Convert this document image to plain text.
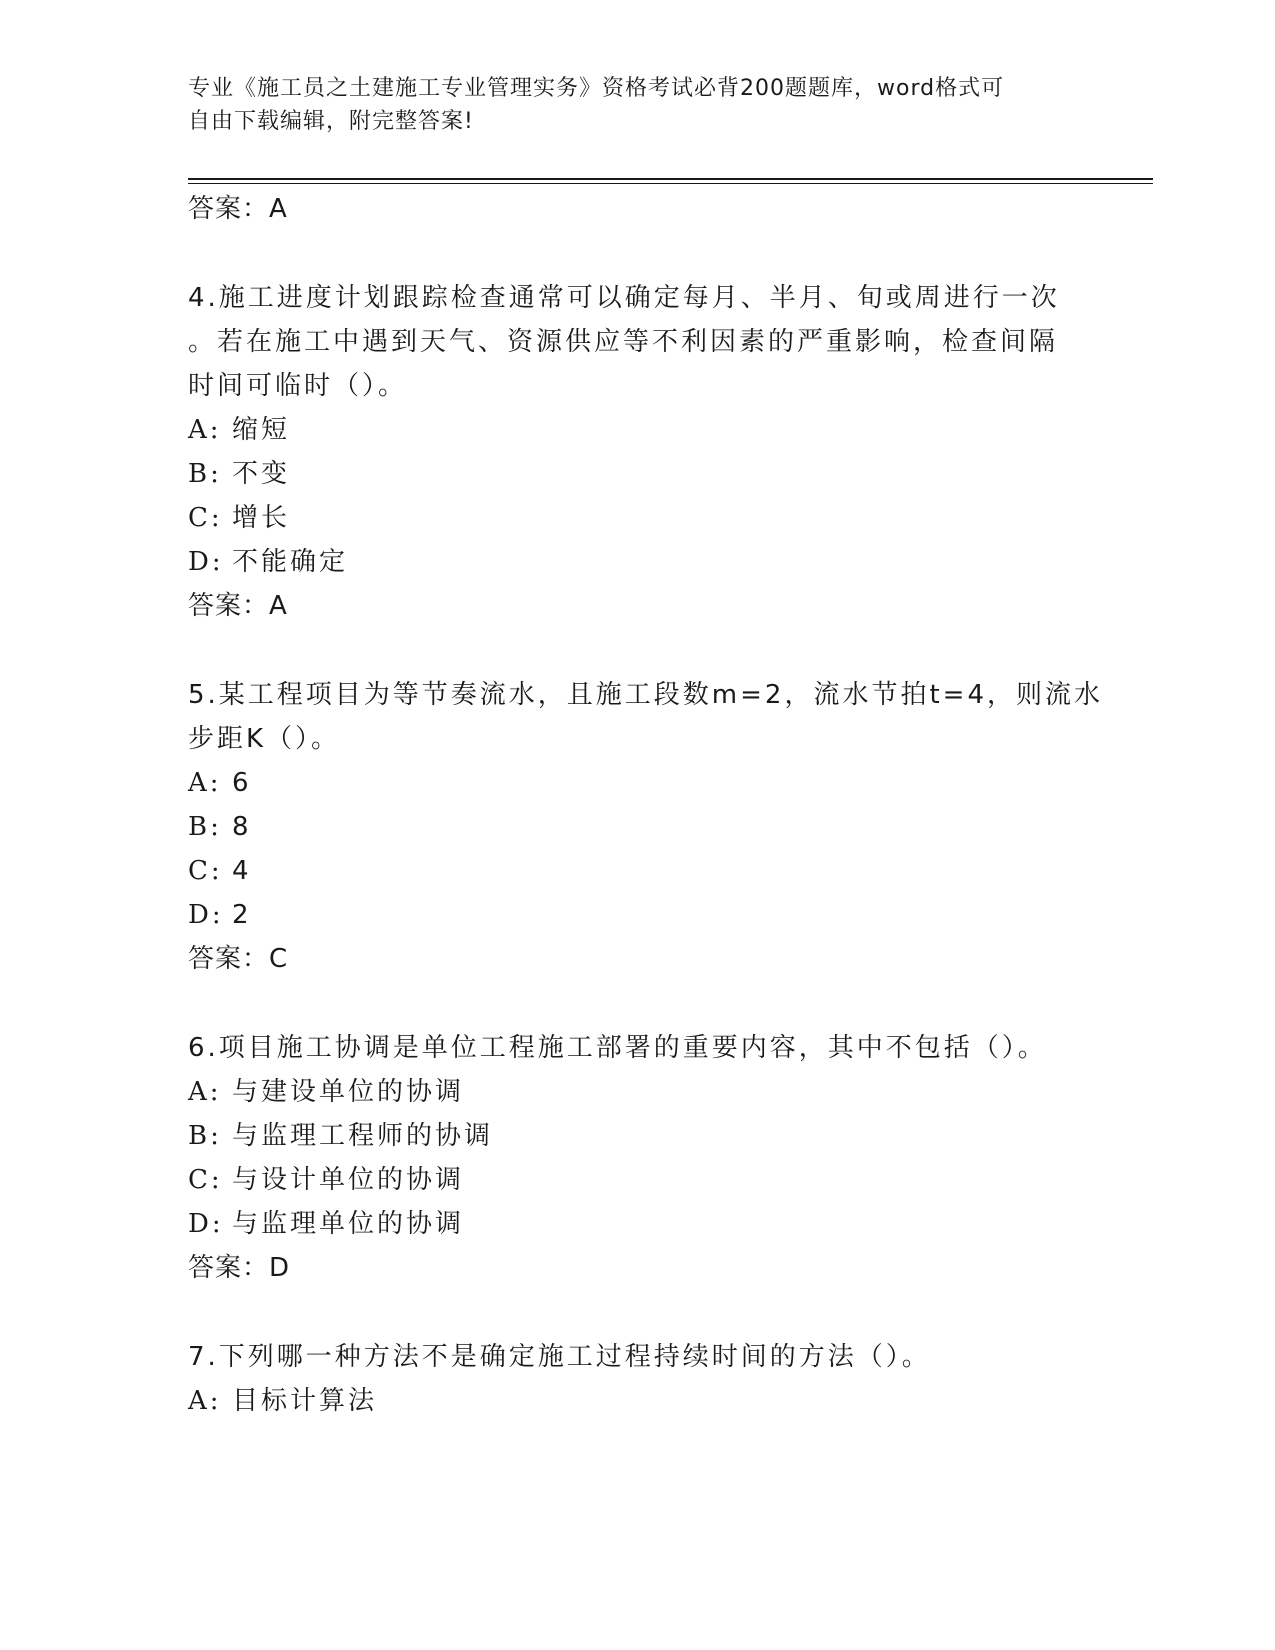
专业《施工员之土建施工专业管理实务》资格考试必背200题题库，word格式可
自由下载编辑，附完整答案!
答案：A
4.施工进度计划跟踪检查通常可以确定每月、半月、旬或周进行一次
。若在施工中遇到天气、资源供应等不利因素的严重影响，检查间隔
时间可临时（）。
A: 缩短
B: 不变
C: 增长
D: 不能确定
答案：A
5.某工程项目为等节奏流水，且施工段数m=2，流水节拍t=4，则流水
步距K（）。
A: 6
B: 8
C: 4
D: 2
答案：C
6.项目施工协调是单位工程施工部署的重要内容，其中不包括（）。
A: 与建设单位的协调
B: 与监理工程师的协调
C: 与设计单位的协调
D: 与监理单位的协调
答案：D
7.下列哪一种方法不是确定施工过程持续时间的方法（）。
A: 目标计算法
